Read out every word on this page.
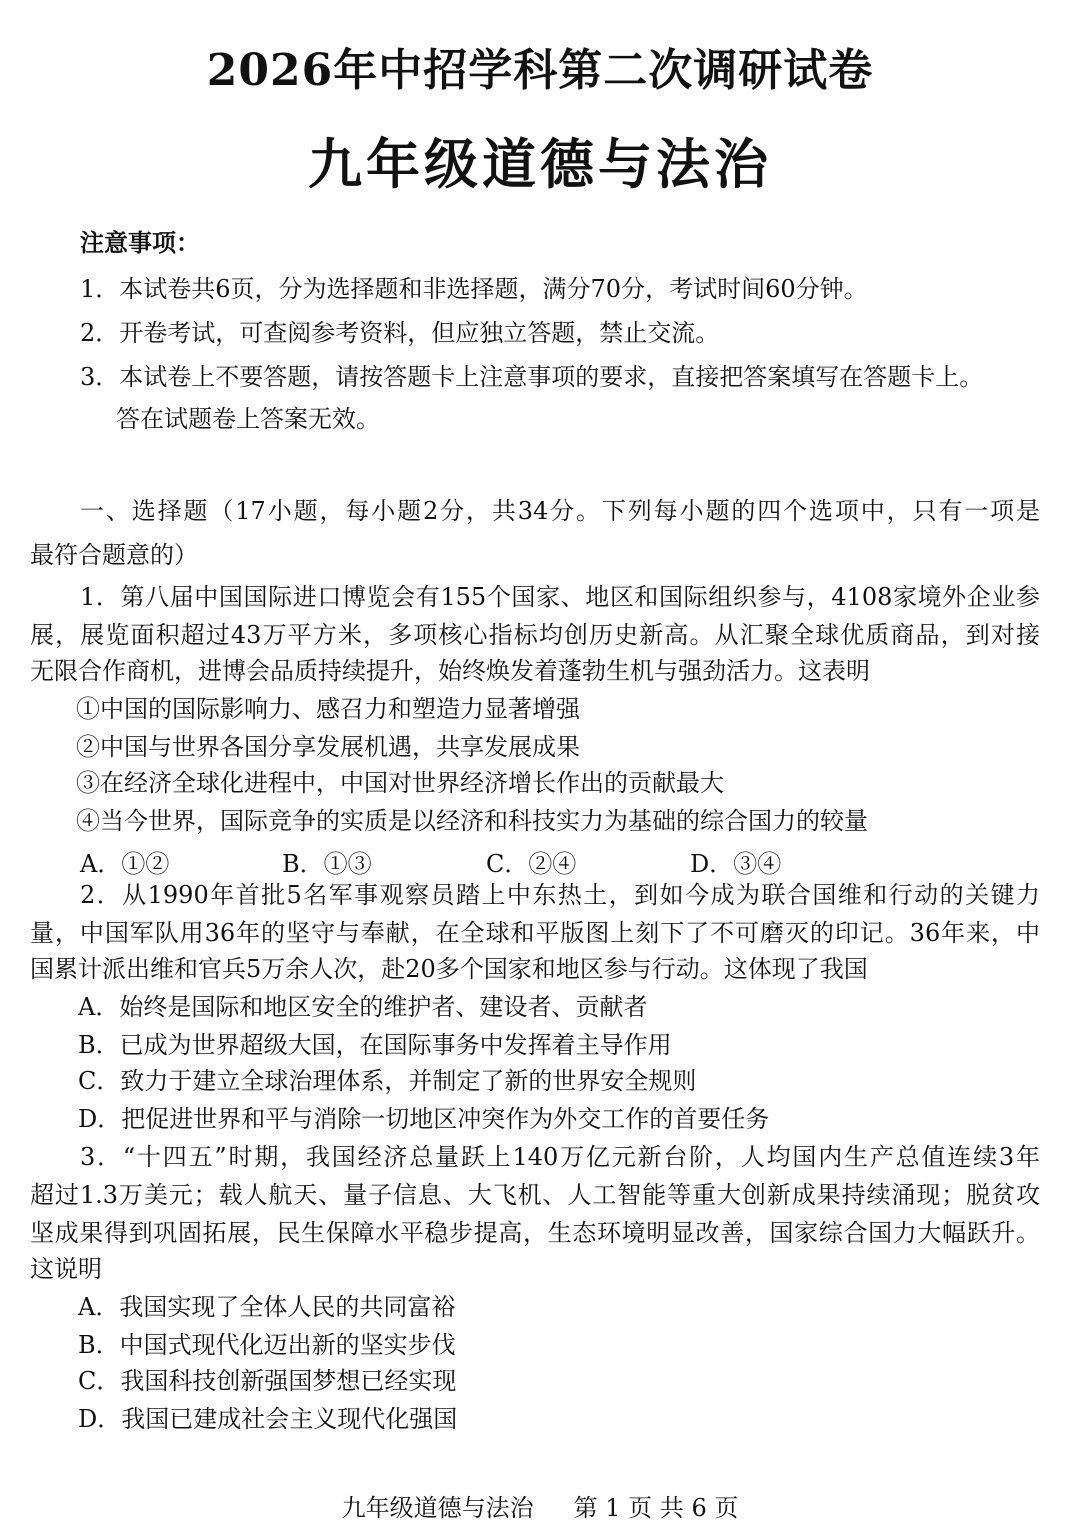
2026年中招学科第二次调研试卷
九年级道德与法治
注意事项：
1．本试卷共6页，分为选择题和非选择题，满分70分，考试时间60分钟。
2．开卷考试，可查阅参考资料，但应独立答题，禁止交流。
3．本试卷上不要答题，请按答题卡上注意事项的要求，直接把答案填写在答题卡上。
答在试题卷上答案无效。
一、选择题（17小题，每小题2分，共34分。下列每小题的四个选项中，只有一项是
最符合题意的）
1．第八届中国国际进口博览会有155个国家、地区和国际组织参与，4108家境外企业参
展，展览面积超过43万平方米，多项核心指标均创历史新高。从汇聚全球优质商品，到对接
无限合作商机，进博会品质持续提升，始终焕发着蓬勃生机与强劲活力。这表明
①中国的国际影响力、感召力和塑造力显著增强
②中国与世界各国分享发展机遇，共享发展成果
③在经济全球化进程中，中国对世界经济增长作出的贡献最大
④当今世界，国际竞争的实质是以经济和科技实力为基础的综合国力的较量
A．①②	B．①③	C．②④	D．③④
2．从1990年首批5名军事观察员踏上中东热土，到如今成为联合国维和行动的关键力
量，中国军队用36年的坚守与奉献，在全球和平版图上刻下了不可磨灭的印记。36年来，中
国累计派出维和官兵5万余人次，赴20多个国家和地区参与行动。这体现了我国
A．始终是国际和地区安全的维护者、建设者、贡献者
B．已成为世界超级大国，在国际事务中发挥着主导作用
C．致力于建立全球治理体系，并制定了新的世界安全规则
D．把促进世界和平与消除一切地区冲突作为外交工作的首要任务
3．“十四五”时期，我国经济总量跃上140万亿元新台阶，人均国内生产总值连续3年
超过1.3万美元；载人航天、量子信息、大飞机、人工智能等重大创新成果持续涌现；脱贫攻
坚成果得到巩固拓展，民生保障水平稳步提高，生态环境明显改善，国家综合国力大幅跃升。
这说明
A．我国实现了全体人民的共同富裕
B．中国式现代化迈出新的坚实步伐
C．我国科技创新强国梦想已经实现
D．我国已建成社会主义现代化强国
九年级道德与法治 第 1 页 共 6 页
